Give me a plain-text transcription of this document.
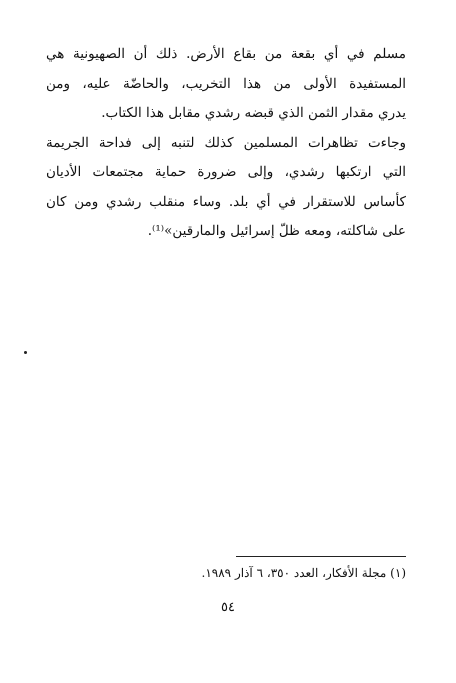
مسلم في أي بقعة من بقاع الأرض. ذلك أن الصهيونية هي
المستفيدة الأولى من هذا التخريب، والحاضّة عليه، ومن
يدري مقدار الثمن الذي قبضه رشدي مقابل هذا الكتاب.
وجاءت تظاهرات المسلمين كذلك لتنبه إلى فداحة الجريمة
التي ارتكبها رشدي، وإلى ضرورة حماية مجتمعات الأديان
كأساس للاستقرار في أي بلد. وساء منقلب رشدي ومن كان
على شاكلته، ومعه ظلّ إسرائيل والمارقين»⁽¹⁾.
(١) مجلة الأفكار، العدد ٣٥٠، ٦ آذار ١٩٨٩.
٥٤
